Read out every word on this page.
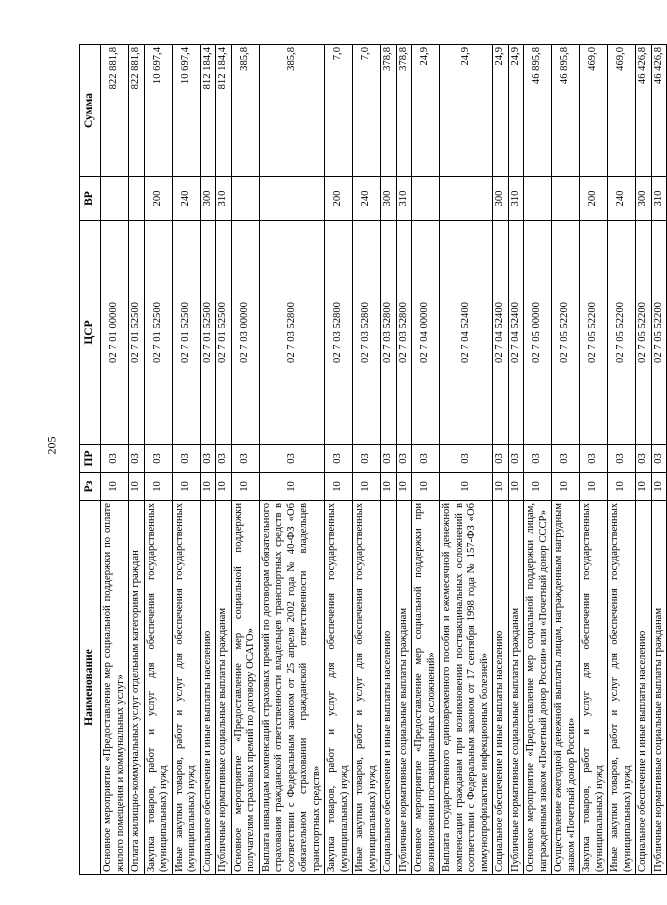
205
Наименование	Рз	ПР	ЦСР	ВР	Сумма
Основное мероприятие «Предоставление мер социальной поддержки по оплате жилого помещения и коммунальных услуг»	10	03	02 7 01 00000		822 881,8
Оплата жилищно-коммунальных услуг отдельным категориям граждан	10	03	02 7 01 52500		822 881,8
Закупка товаров, работ и услуг для обеспечения государственных (муниципальных) нужд	10	03	02 7 01 52500	200	10 697,4
Иные закупки товаров, работ и услуг для обеспечения государственных (муниципальных) нужд	10	03	02 7 01 52500	240	10 697,4
Социальное обеспечение и иные выплаты населению	10	03	02 7 01 52500	300	812 184,4
Публичные нормативные социальные выплаты гражданам	10	03	02 7 01 52500	310	812 184,4
Основное мероприятие «Предоставление мер социальной поддержки получателям страховых премий по договору ОСАГО»	10	03	02 7 03 00000		385,8
Выплата инвалидам компенсаций страховых премий по договорам обязательного страхования гражданской ответственности владельцев транспортных средств в соответствии с Федеральным законом от 25 апреля 2002 года № 40-ФЗ «Об обязательном страховании гражданской ответственности владельцев транспортных средств»	10	03	02 7 03 52800		385,8
Закупка товаров, работ и услуг для обеспечения государственных (муниципальных) нужд	10	03	02 7 03 52800	200	7,0
Иные закупки товаров, работ и услуг для обеспечения государственных (муниципальных) нужд	10	03	02 7 03 52800	240	7,0
Социальное обеспечение и иные выплаты населению	10	03	02 7 03 52800	300	378,8
Публичные нормативные социальные выплаты гражданам	10	03	02 7 03 52800	310	378,8
Основное мероприятие «Предоставление мер социальной поддержки при возникновении поствакцинальных осложнений»	10	03	02 7 04 00000		24,9
Выплата государственного единовременного пособия и ежемесячной денежной компенсации гражданам при возникновении поствакцинальных осложнений в соответствии с Федеральным законом от 17 сентября 1998 года № 157-ФЗ «Об иммунопрофилактике инфекционных болезней»	10	03	02 7 04 52400		24,9
Социальное обеспечение и иные выплаты населению	10	03	02 7 04 52400	300	24,9
Публичные нормативные социальные выплаты гражданам	10	03	02 7 04 52400	310	24,9
Основное мероприятие «Предоставление мер социальной поддержки лицам, награжденным знаком «Почетный донор России» или «Почетный донор СССР»	10	03	02 7 05 00000		46 895,8
Осуществление ежегодной денежной выплаты лицам, награжденным нагрудным знаком «Почетный донор России»	10	03	02 7 05 52200		46 895,8
Закупка товаров, работ и услуг для обеспечения государственных (муниципальных) нужд	10	03	02 7 05 52200	200	469,0
Иные закупки товаров, работ и услуг для обеспечения государственных (муниципальных) нужд	10	03	02 7 05 52200	240	469,0
Социальное обеспечение и иные выплаты населению	10	03	02 7 05 52200	300	46 426,8
Публичные нормативные социальные выплаты гражданам	10	03	02 7 05 52200	310	46 426,8
